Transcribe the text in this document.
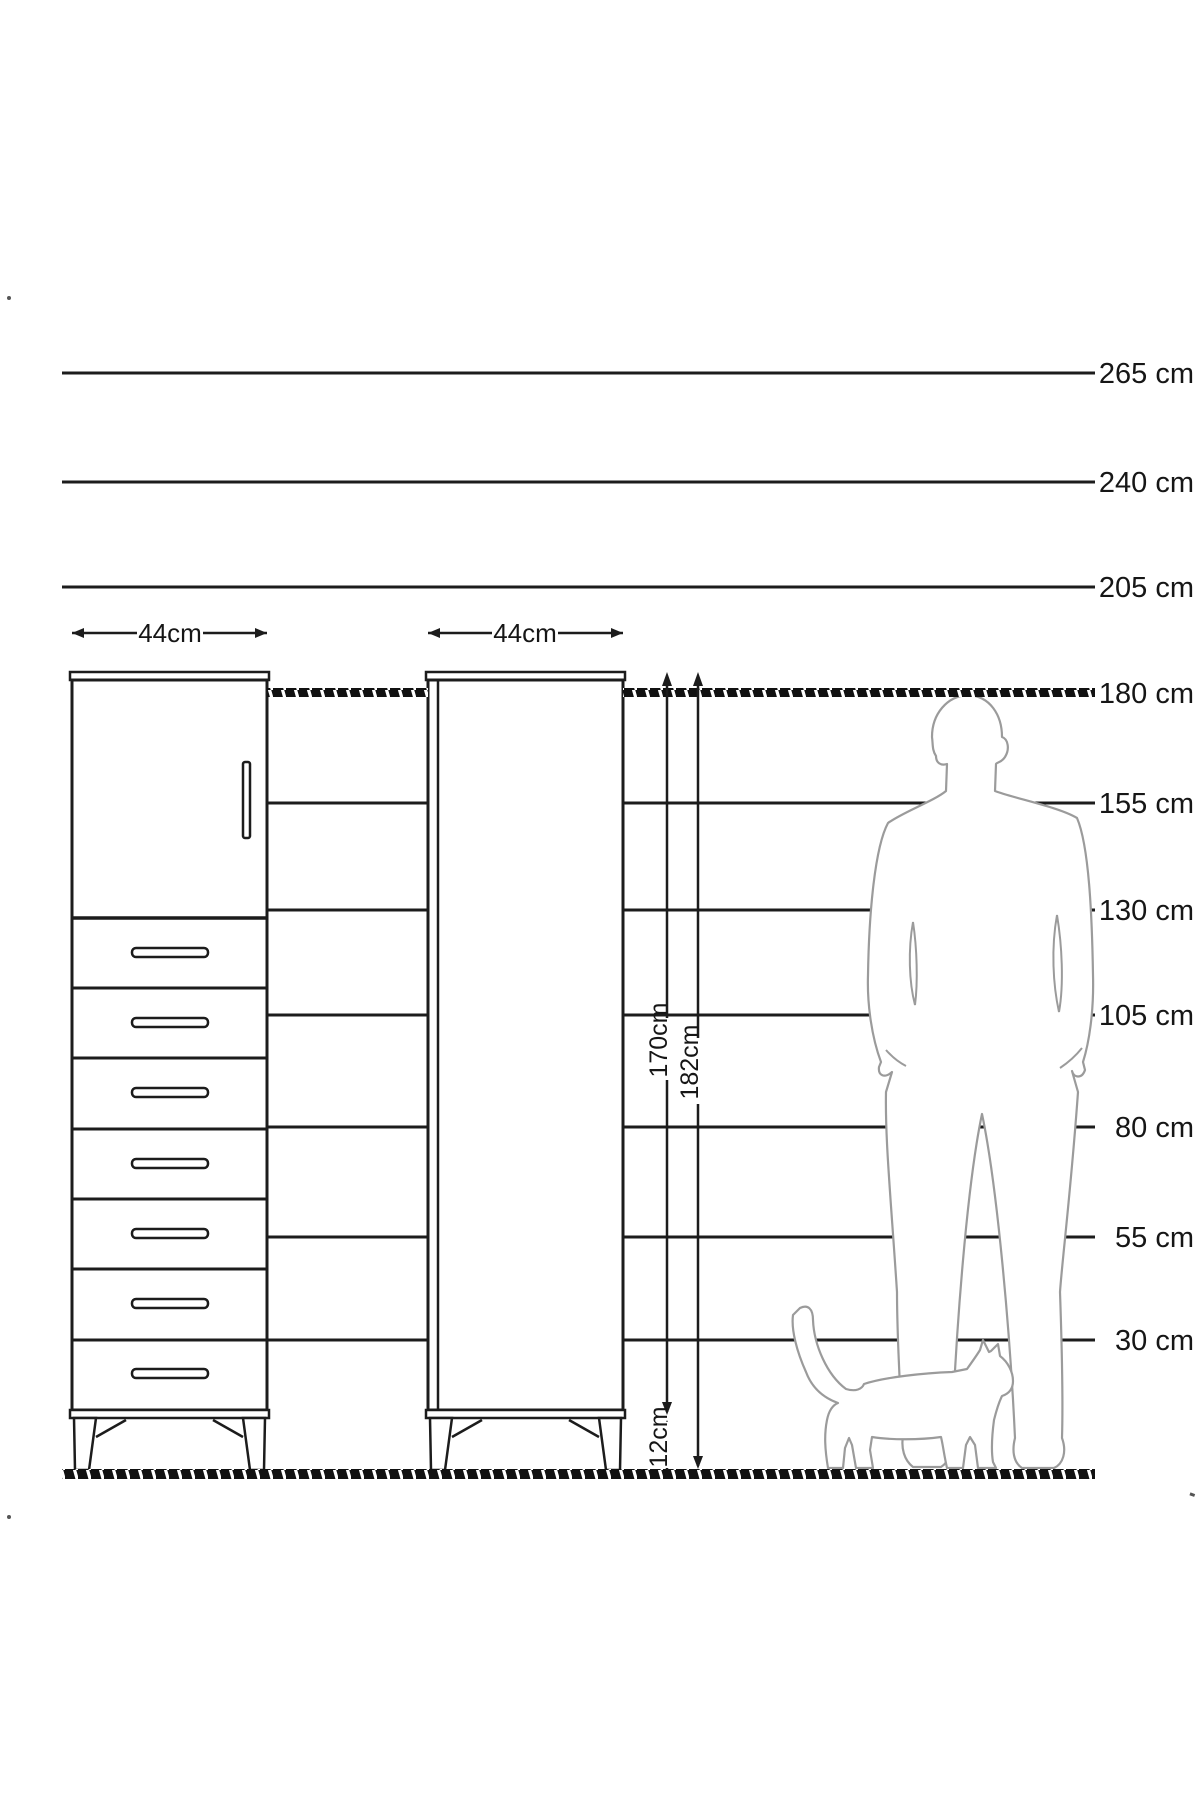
44cm	44cm
170cm
12cm
182cm
265 cm
240 cm
205 cm
180 cm
155 cm
130 cm
105 cm
80 cm
55 cm
30 cm
